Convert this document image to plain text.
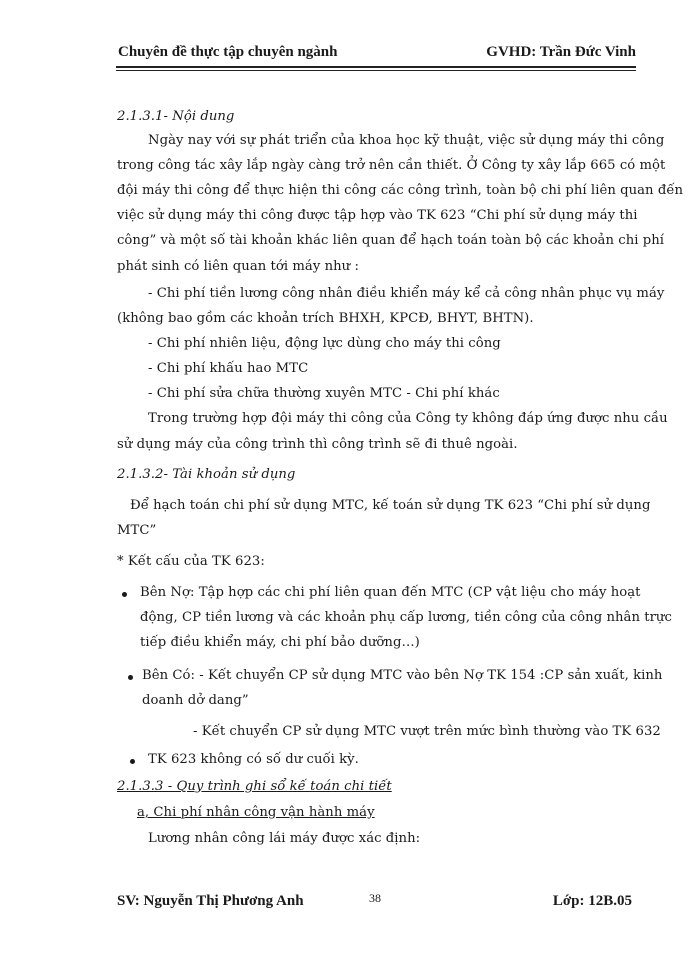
Chuyên đề thực tập chuyên ngành	GVHD: Trần Đức Vinh
2.1.3.1- Nội dung
Ngày nay với sự phát triển của khoa học kỹ thuật, việc sử dụng máy thi công
trong công tác xây lắp ngày càng trở nên cần thiết. Ở Công ty xây lắp 665 có một
đội máy thi công để thực hiện thi công các công trình, toàn bộ chi phí liên quan đến
việc sử dụng máy thi công được tập hợp vào TK 623 “Chi phí sử dụng máy thi
công” và một số tài khoản khác liên quan để hạch toán toàn bộ các khoản chi phí
phát sinh có liên quan tới máy như :
- Chi phí tiền lương công nhân điều khiển máy kể cả công nhân phục vụ máy
(không bao gồm các khoản trích BHXH, KPCĐ, BHYT, BHTN).
- Chi phí nhiên liệu, động lực dùng cho máy thi công
- Chi phí khấu hao MTC
- Chi phí sửa chữa thường xuyên MTC - Chi phí khác
Trong trường hợp đội máy thi công của Công ty không đáp ứng được nhu cầu
sử dụng máy của công trình thì công trình sẽ đi thuê ngoài.
2.1.3.2- Tài khoản sử dụng
Để hạch toán chi phí sử dụng MTC, kế toán sử dụng TK 623 “Chi phí sử dụng
MTC”
* Kết cấu của TK 623:
Bên Nợ: Tập hợp các chi phí liên quan đến MTC (CP vật liệu cho máy hoạt
động, CP tiền lương và các khoản phụ cấp lương, tiền công của công nhân trực
tiếp điều khiển máy, chi phí bảo dưỡng…)
Bên Có: - Kết chuyển CP sử dụng MTC vào bên Nợ TK 154 :CP sản xuất, kinh
doanh dở dang”
- Kết chuyển CP sử dụng MTC vượt trên mức bình thường vào TK 632
TK 623 không có số dư cuối kỳ.
2.1.3.3 - Quy trình ghi sổ kế toán chi tiết
a, Chi phí nhân công vận hành máy
Lương nhân công lái máy được xác định:
SV: Nguyễn Thị Phương Anh	38	Lớp: 12B.05
